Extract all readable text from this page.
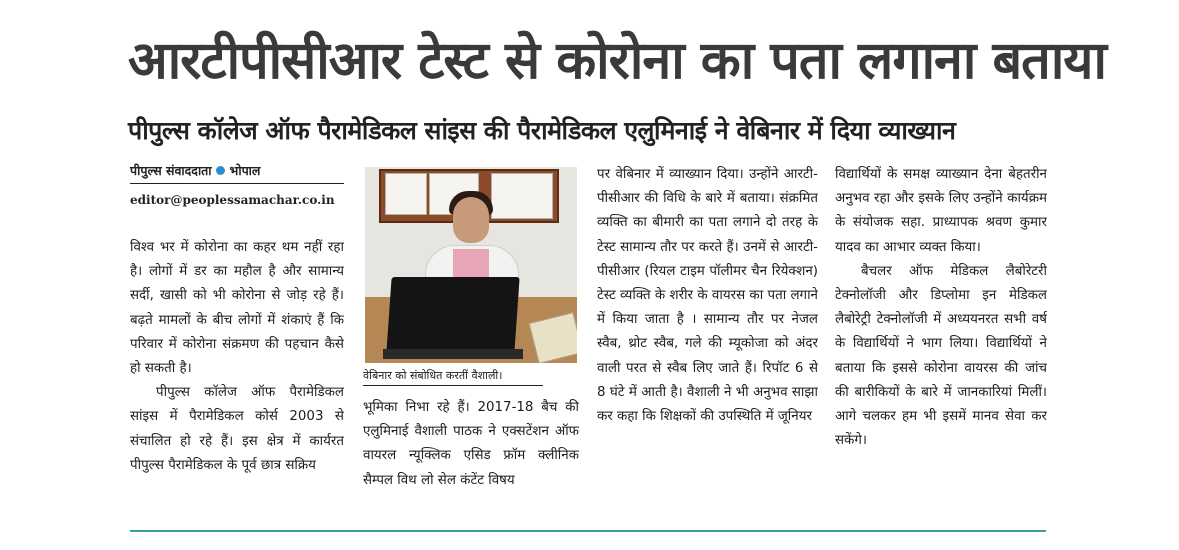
आरटीपीसीआर टेस्ट से कोरोना का पता लगाना बताया
पीपुल्स कॉलेज ऑफ पैरामेडिकल सांइस की पैरामेडिकल एलुमिनाई ने वेबिनार में दिया व्याख्यान
पीपुल्स संवाददाता भोपाल
editor@peoplessamachar.co.in

विश्व भर में कोरोना का कहर थम नहीं रहा है। लोगों में डर का महौल है और सामान्य सर्दी, खासी को भी कोरोना से जोड़ रहे हैं। बढ़ते मामलों के बीच लोगों में शंकाएं हैं कि परिवार में कोरोना संक्रमण की पहचान कैसे हो सकती है।

पीपुल्स कॉलेज ऑफ पैरामेडिकल सांइस में पैरामेडिकल कोर्स 2003 से संचालित हो रहे हैं। इस क्षेत्र में कार्यरत पीपुल्स पैरामेडिकल के पूर्व छात्र सक्रिय

वेबिनार को संबोधित करतीं वैशाली।

भूमिका निभा रहे हैं। 2017-18 बैच की एलुमिनाई वैशाली पाठक ने एक्सटेंशन ऑफ वायरल न्यूक्लिक एसिड फ्रॉम क्लीनिक सैम्पल विथ लो सेल कंटेंट विषय

पर वेबिनार में व्याख्यान दिया। उन्होंने आरटी-पीसीआर की विधि के बारे में बताया। संक्रमित व्यक्ति का बीमारी का पता लगाने दो तरह के टेस्ट सामान्य तौर पर करते हैं। उनमें से आरटी-पीसीआर (रियल टाइम पॉलीमर चैन रियेक्शन) टेस्ट व्यक्ति के शरीर के वायरस का पता लगाने में किया जाता है । सामान्य तौर पर नेजल स्वैब, थ्रोट स्वैब, गले की म्यूकोजा को अंदर वाली परत से स्वैब लिए जाते हैं। रिपॉट 6 से 8 घंटे में आती है। वैशाली ने भी अनुभव साझा कर कहा कि शिक्षकों की उपस्थिति में जूनियर

विद्यार्थियों के समक्ष व्याख्यान देना बेहतरीन अनुभव रहा और इसके लिए उन्होंने कार्यक्रम के संयोजक सहा. प्राध्यापक श्रवण कुमार यादव का आभार व्यक्त किया।

बैचलर ऑफ मेडिकल लैबोरेटरी टेक्नोलॉजी और डिप्लोमा इन मेडिकल लैबोरेट्री टेक्नोलॉजी में अध्ययनरत सभी वर्ष के विद्यार्थियों ने भाग लिया। विद्यार्थियों ने बताया कि इससे कोरोना वायरस की जांच की बारीकियों के बारे में जानकारियां मिलीं। आगे चलकर हम भी इसमें मानव सेवा कर सकेंगे।
